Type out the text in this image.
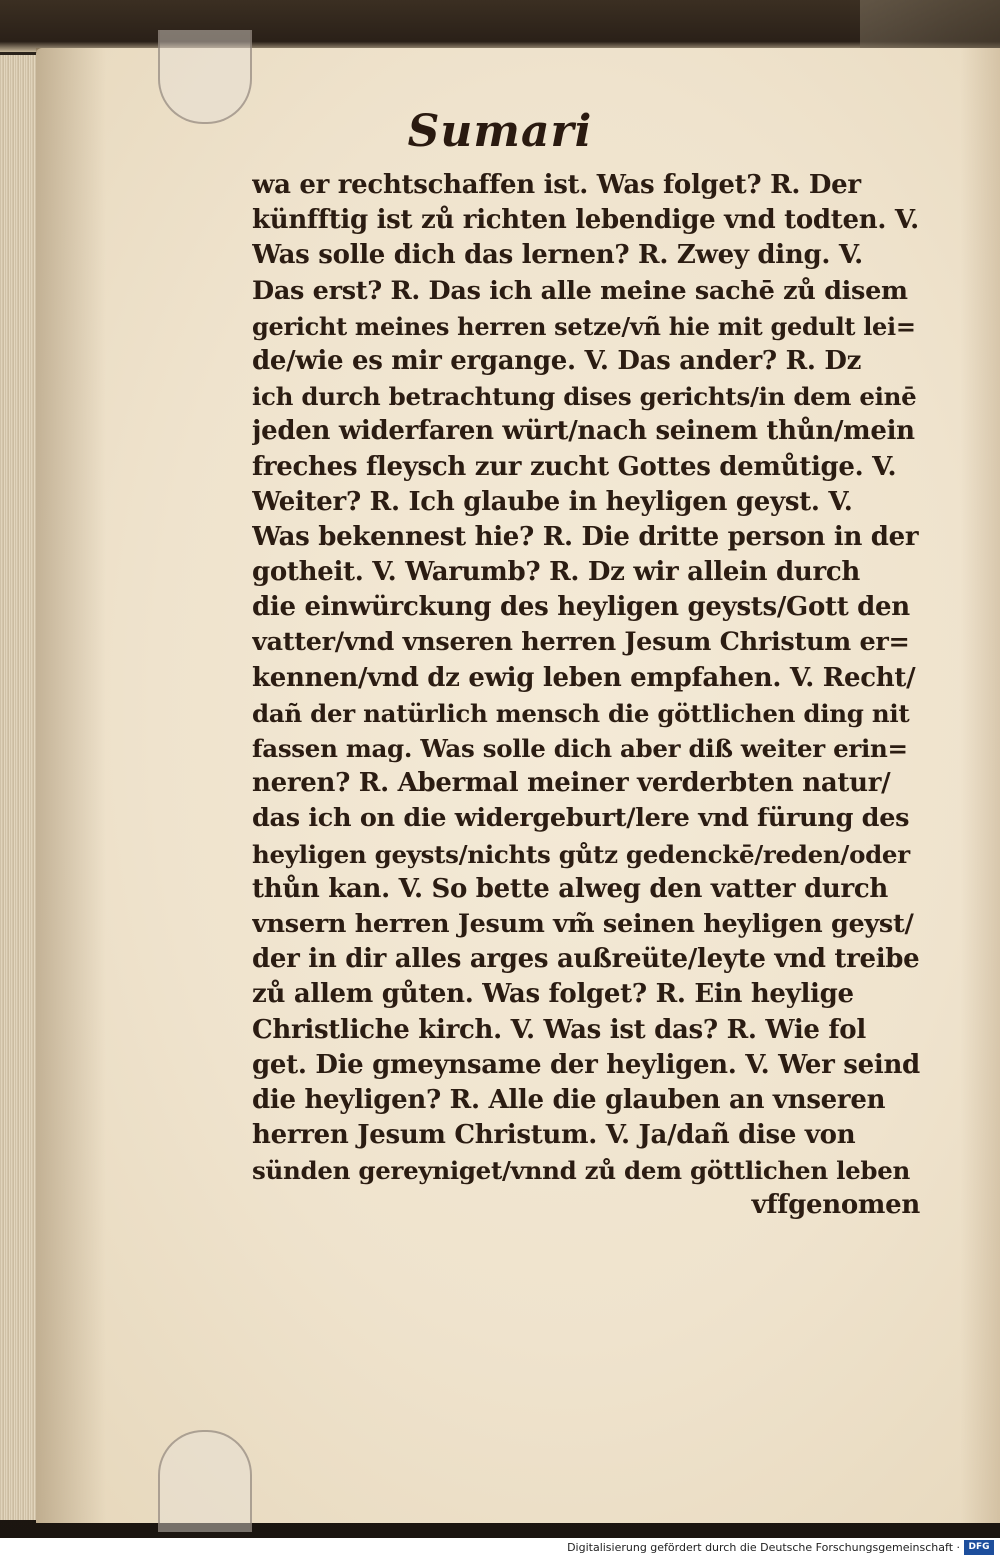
Sumari
wa er rechtschaffen ist. Was folget? R. Der
künfftig ist zů richten lebendige vnd todten. V.
Was solle dich das lernen? R. Zwey ding. V.
Das erst? R. Das ich alle meine sachē zů disem
gericht meines herren setze/vñ hie mit gedult lei=
de/wie es mir ergange. V. Das ander? R. Dz
ich durch betrachtung dises gerichts/in dem einē
jeden widerfaren würt/nach seinem thůn/mein
freches fleysch zur zucht Gottes demůtige. V.
Weiter? R. Ich glaube in heyligen geyst. V.
Was bekennest hie? R. Die dritte person in der
gotheit. V. Warumb? R. Dz wir allein durch
die einwürckung des heyligen geysts/Gott den
vatter/vnd vnseren herren Jesum Christum er=
kennen/vnd dz ewig leben empfahen. V. Recht/
dañ der natürlich mensch die göttlichen ding nit
fassen mag. Was solle dich aber diß weiter erin=
neren? R. Abermal meiner verderbten natur/
das ich on die widergeburt/lere vnd fürung des
heyligen geysts/nichts gůtz gedenckē/reden/oder
thůn kan. V. So bette alweg den vatter durch
vnsern herren Jesum vm̃ seinen heyligen geyst/
der in dir alles arges außreüte/leyte vnd treibe
zů allem gůten. Was folget? R. Ein heylige
Christliche kirch. V. Was ist das? R. Wie fol
get. Die gmeynsame der heyligen. V. Wer seind
die heyligen? R. Alle die glauben an vnseren
herren Jesum Christum. V. Ja/dañ dise von
sünden gereyniget/vnnd zů dem göttlichen leben
vffgenomen
Digitalisierung gefördert durch die Deutsche Forschungsgemeinschaft · DFG
